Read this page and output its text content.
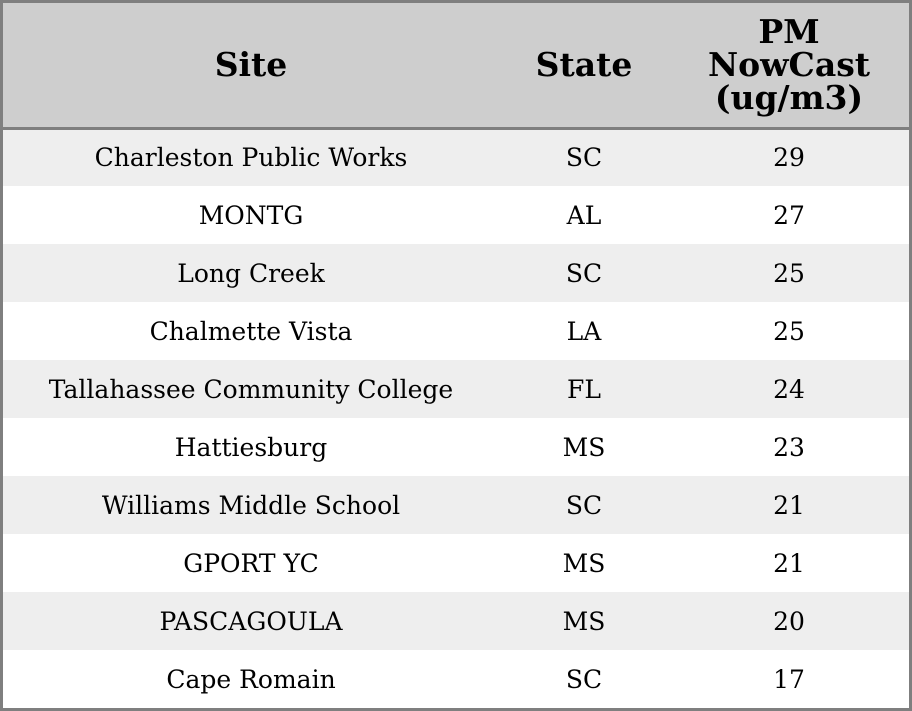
Site	State	PM
NowCast
(ug/m3)

Charleston Public Works	SC	29
MONTG	AL	27
Long Creek	SC	25
Chalmette Vista	LA	25
Tallahassee Community College	FL	24
Hattiesburg	MS	23
Williams Middle School	SC	21
GPORT YC	MS	21
PASCAGOULA	MS	20
Cape Romain	SC	17
